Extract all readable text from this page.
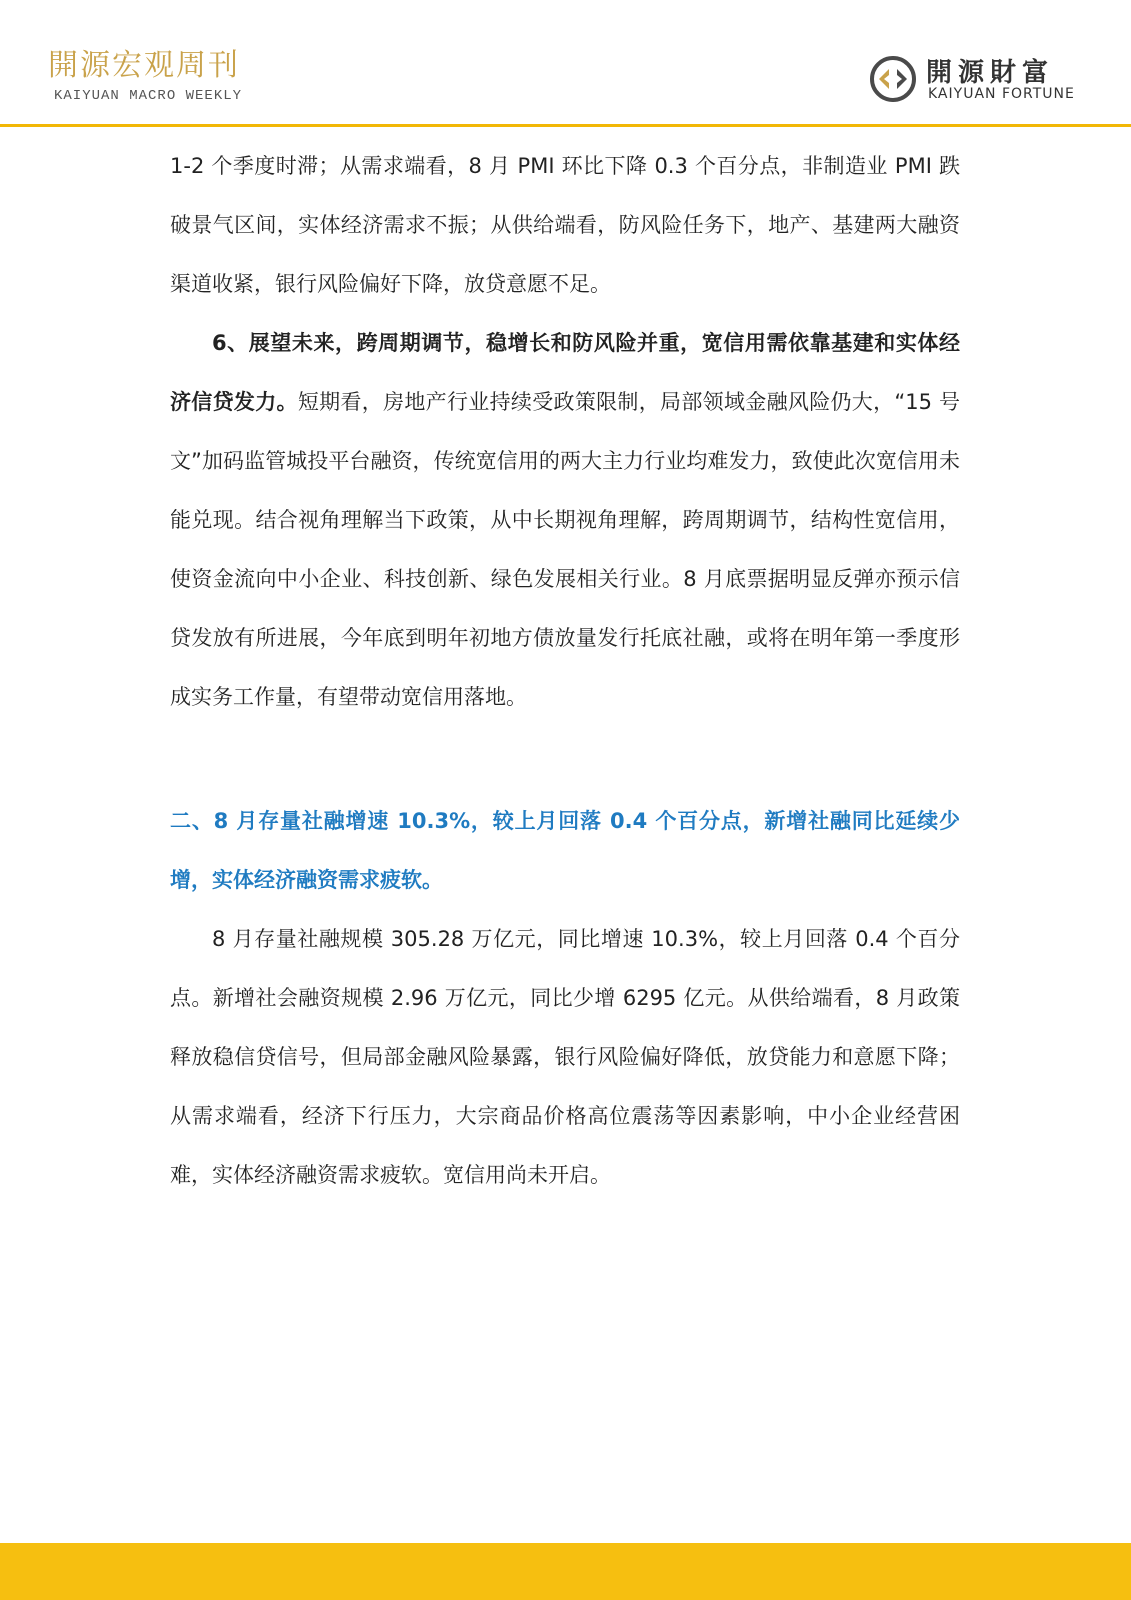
開源宏观周刊
KAIYUAN MACRO WEEKLY
開源財富
KAIYUAN FORTUNE

1-2 个季度时滞；从需求端看，8 月 PMI 环比下降 0.3 个百分点，非制造业 PMI 跌破景气区间，实体经济需求不振；从供给端看，防风险任务下，地产、基建两大融资渠道收紧，银行风险偏好下降，放贷意愿不足。

6、展望未来，跨周期调节，稳增长和防风险并重，宽信用需依靠基建和实体经济信贷发力。短期看，房地产行业持续受政策限制，局部领域金融风险仍大，“15 号文”加码监管城投平台融资，传统宽信用的两大主力行业均难发力，致使此次宽信用未能兑现。结合视角理解当下政策，从中长期视角理解，跨周期调节，结构性宽信用，使资金流向中小企业、科技创新、绿色发展相关行业。8 月底票据明显反弹亦预示信贷发放有所进展，今年底到明年初地方债放量发行托底社融，或将在明年第一季度形成实务工作量，有望带动宽信用落地。

二、8 月存量社融增速 10.3%，较上月回落 0.4 个百分点，新增社融同比延续少增，实体经济融资需求疲软。

8 月存量社融规模 305.28 万亿元，同比增速 10.3%，较上月回落 0.4 个百分点。新增社会融资规模 2.96 万亿元，同比少增 6295 亿元。从供给端看，8 月政策释放稳信贷信号，但局部金融风险暴露，银行风险偏好降低，放贷能力和意愿下降；从需求端看，经济下行压力，大宗商品价格高位震荡等因素影响，中小企业经营困难，实体经济融资需求疲软。宽信用尚未开启。
